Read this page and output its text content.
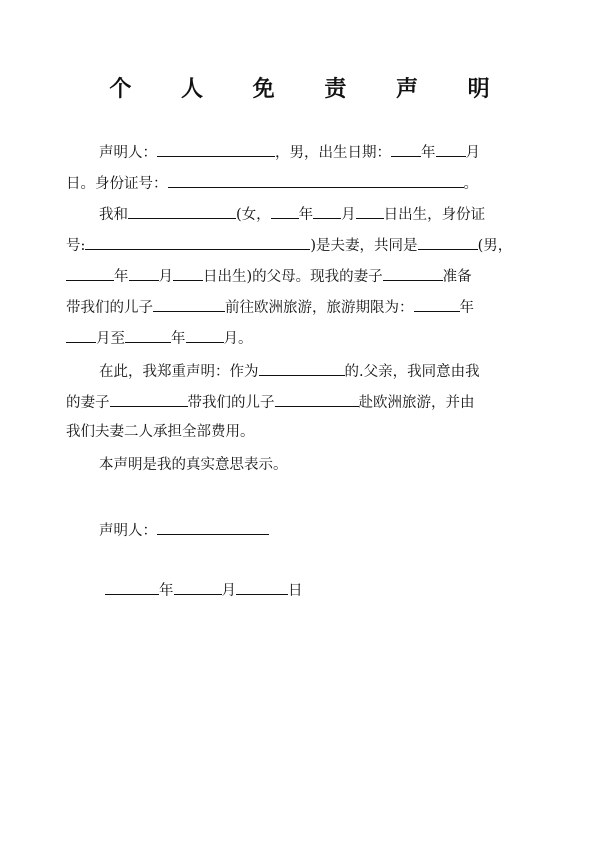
个 人 免 责 声 明
声明人：	，男，出生日期： 年 月
日。身份证号：	。
我和	(女， 年 月 日出生，身份证
号:	)是夫妻，共同是	(男，
年 月 日出生)的父母。现我的妻子	准备
带我们的儿子	前往欧洲旅游，旅游期限为：	年
月至	年	月。
在此，我郑重声明：作为	的.父亲，我同意由我
的妻子	带我们的儿子	赴欧洲旅游，并由
我们夫妻二人承担全部费用。
本声明是我的真实意思表示。
声明人：
年	月	日
